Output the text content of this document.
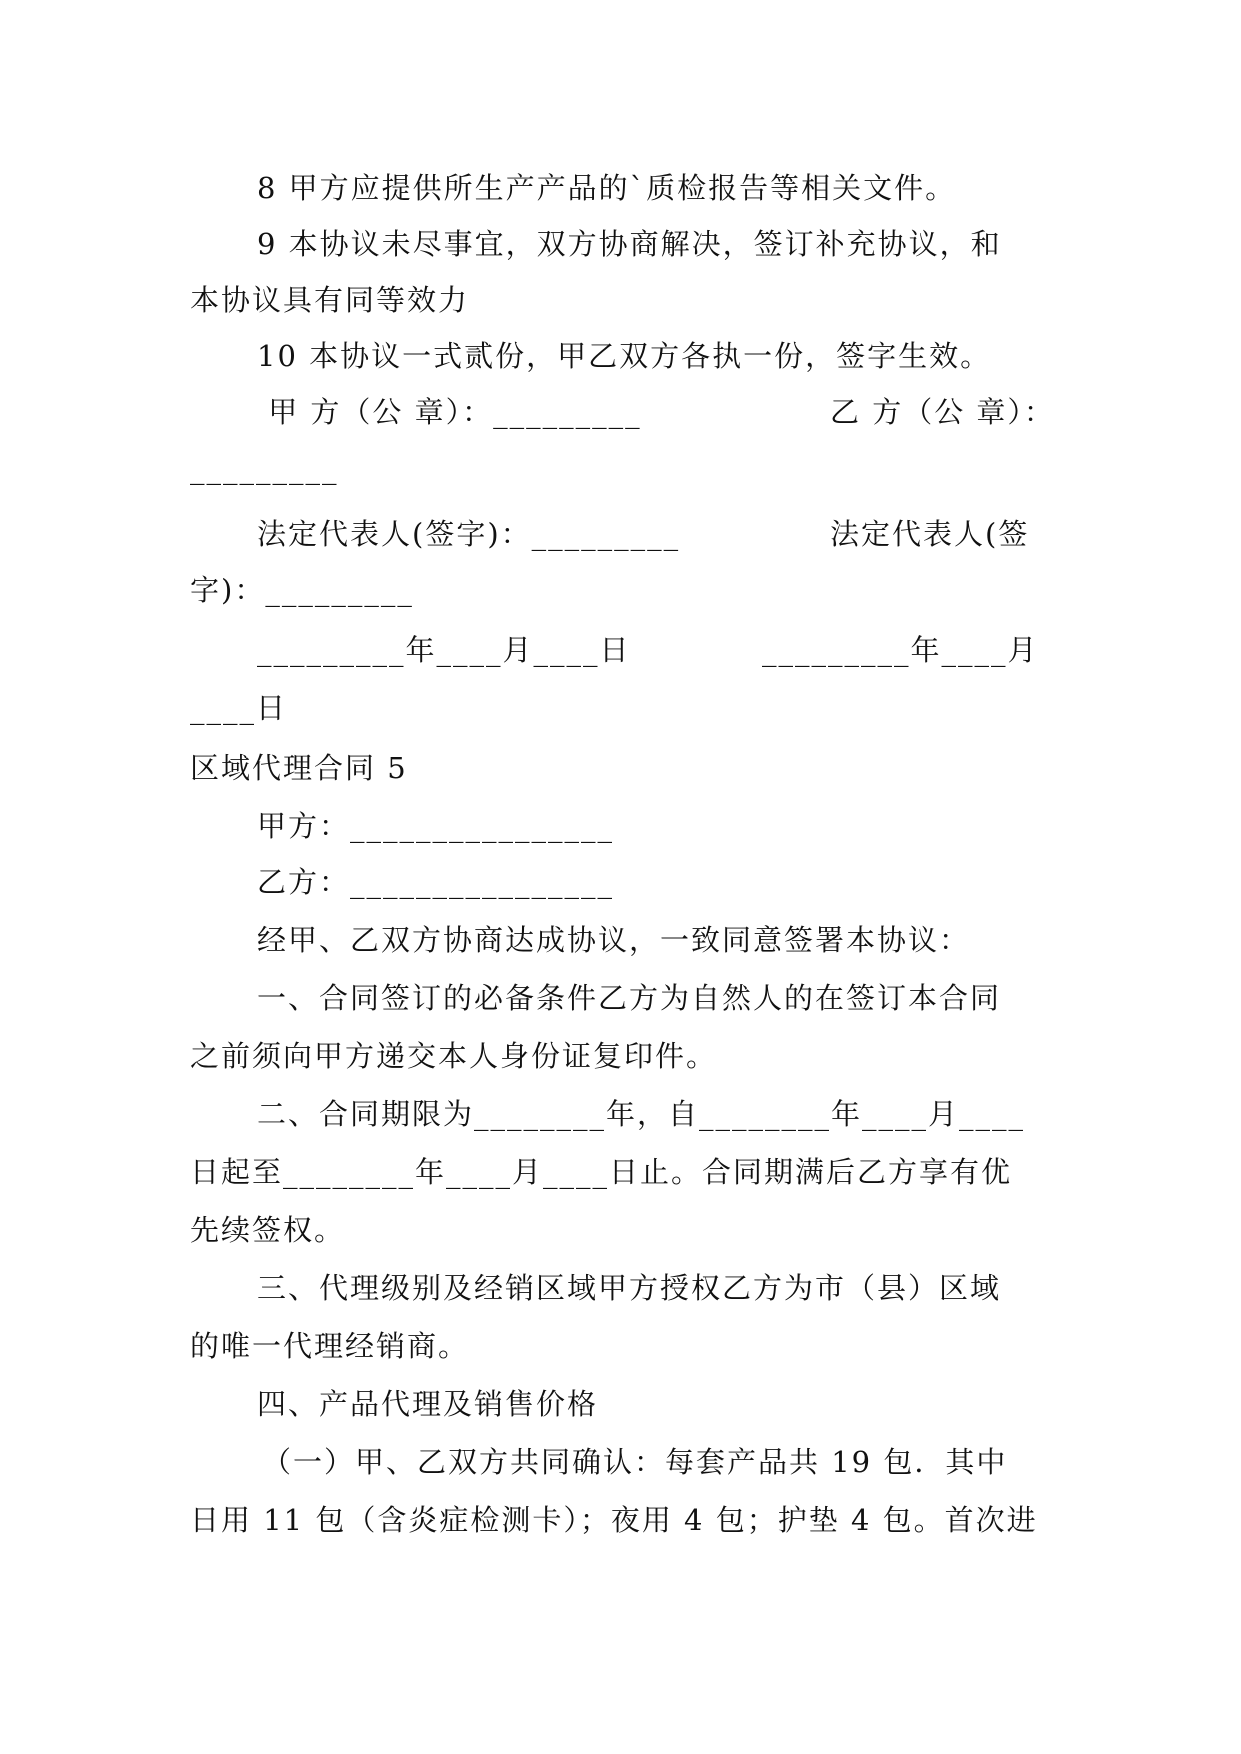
8 甲方应提供所生产产品的`质检报告等相关文件。
9 本协议未尽事宜，双方协商解决，签订补充协议，和
本协议具有同等效力
10 本协议一式贰份，甲乙双方各执一份，签字生效。
甲 方（公 章）：_________	乙 方（公 章）：
_________
法定代表人(签字)：_________	法定代表人(签
字)：_________
_________年____月____日	_________年____月
____日
区域代理合同 5
甲方：________________
乙方：________________
经甲、乙双方协商达成协议，一致同意签署本协议：
一、合同签订的必备条件乙方为自然人的在签订本合同
之前须向甲方递交本人身份证复印件。
二、合同期限为________年，自________年____月____
日起至________年____月____日止。合同期满后乙方享有优
先续签权。
三、代理级别及经销区域甲方授权乙方为市（县）区域
的唯一代理经销商。
四、产品代理及销售价格
（一）甲、乙双方共同确认：每套产品共 19 包．其中
日用 11 包（含炎症检测卡）；夜用 4 包；护垫 4 包。首次进
